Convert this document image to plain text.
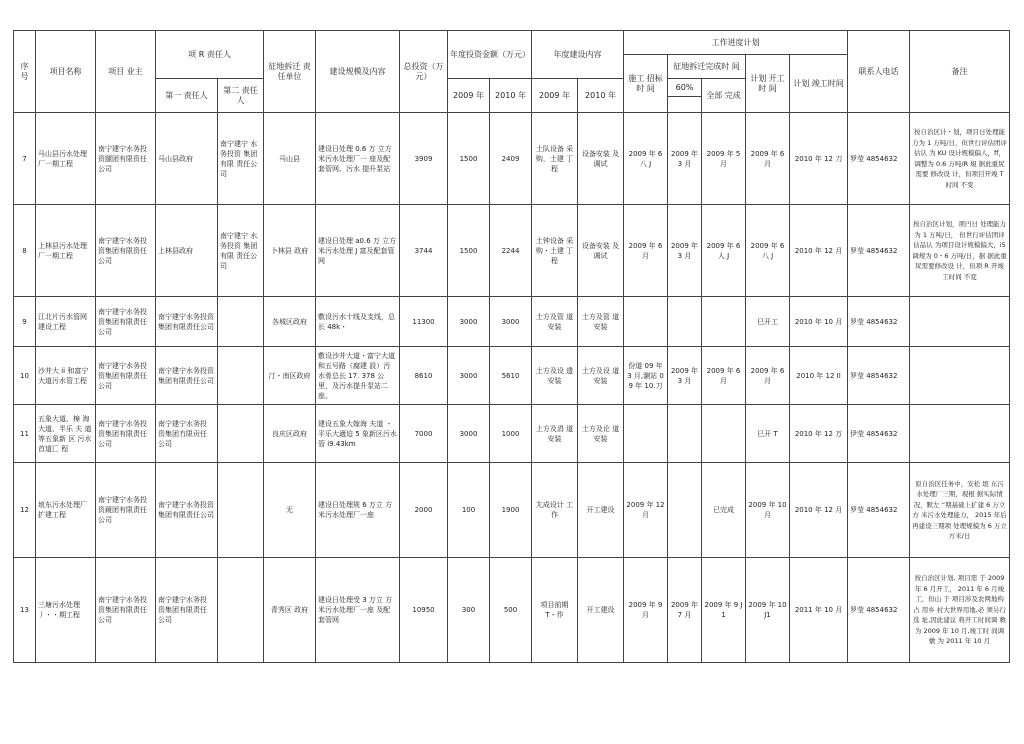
序 号	项目名称	项目 业主	项 R 责任人		征地拆迁 责任单位	建设规模及内容	总投资（万元）	年度投资金额（万元）		年度建设内容		工作进度计划					联系人电话	备注
												施工 招标 时 间	征地拆迁完成时 间		计划 开工 时 间	计划 竣工时间		
			第一 责任人	第二 责任人				2009 年	2010 年	2009 年	2010 年		60%	全部 完成				

7	马山县污水处理厂一期工程	南宁建宁水务投资腿团有限资任公司	马山县政府	南宁建宁 水务投资 集团有限 责任公司	马山县	建设日处理 0.6 万 立方米污水处理厂一 座及配套管网、污水 提升泵站	3909	1500	2409	土队设备 采 购，土建 丁 程	设备安装 及 调试	2009 年 6 八 J	2009 年 3 月	2009 年 5 月	2009 年 6 月	2010 年 12 刀	罗莹 4854632	按自治区计・划，项目日处理能力为 1 万吨/日，但世行评估团评估认 为 KU 设计规模偏人，ff，调整为 0.6 万吨/R 規 据此重尻需要 修改设 计，但项目开竣 T 时间 不变
8	上林县污水处理厂一期工程	南宁建宁水务投资集团有限资任公司	上林县政府	南宁建宁 水务投资 集团有限 责任公司	卜林县 政府	建设日处理 a0.6 万 立方米污水处理 J 富及配套管网	3744	1500	2244	土钟设备 采 购・土建 丁 程	设备安装 及 调试	2009 年 6 月	2009 年 3 月	2009 年 6 人 J	2009 年 6 八 J	2010 年 12 月	罗莹 4854632	按自治区计划，项円日 处理能力为 1 万吨/日， 但世行评估团评估品认 为项目设计规模偏大，i5 调规为 0・6 万吨/日，据 据此重尻需要修改设 计，但项 R 开竣工时间 不変
9	江北片污水管网建设工程	南宁建宁水务投资集团有限责任公司	南宁建宁水务投资集团有限责任公司		各城区政府	敷设污水十线及支线，总长 48k・	11300	3000	3000	土方及管 道 安装	土方及管 道 安装				巳开工	2010 年 10 月	罗莹 4854632	
10	沙井大 ii 和富宁大道污水管工程	南宁建宁水务投资集团有限责任公司	南宁建宁水务投资集团有限责任公司		汀・南区政府	敷设沙井大道・富宁大道和五号路（腐建 設）汚水骨总长 17. 378 公里，及污水提升泵站二座。	8610	3000	5610	土方及设 遗 安装	土方及设 道 安装	份道 09 年 3 月,瀏站 09 年 10.刀	2009 年 3 月	2009 年 6 月	2009 年 6 月	2010 年 12 II	罗莹 4854632	
11	五象大道、樟 淘大道、半乐 夫 道等五象新 区 污水首道匚 程	南宁建宁水务投资集团有限责任公司	南宁建宁水务投 资集团冇限贡任 公司		良庆区政府	建设五象大嫁海 夫道 ・平乐大適迫 5 象新区污水管 i9.43km	7000	3000	1000	上方及涓 道 安装	土方及论 道 安装				巳开 T	2010 年 12 万	伊莹 4854632	
12	埌东污水处理厂扩建工程	南宁建宁水务投资鏡团有限责任公司	南宁建宁水务投资集团有限责任公司		无	建设日处理规 6 万立 方米污水处理厂一座	2000	100	1900	尢成设计 工作	开工建设	2009 年 12 月		已完成	2009 年 10 月	2010 年 12 月	罗莹 4854632	原自治区任务中，安松 埌 东污水处理厂三期，現根 据实际情况，默左 “期基础上扩建 6 万立 方 米污水处理能力， 2015 年后再建设三期项 处理规模为 6 万立 方米/日
13	三塘污水处理 丿・・期工程	南宁建宁水务投资集团有限责任公司	南宁建宁水务投 资集团有限责任 公司		青秀区 政府	建设日处理受 3 万立 方米污水处理厂一座 及配套管网	10950	300	500	项目前期 T・作	开工建设	2009 年 9 月	2009 年 7 月	2009 年 9 J1	2009 年 10 J1	2011 年 10 月	罗莹 4854632	按自治区计划, 项目需 于 2009 年 6 月开工， 2011 年 6 月竣工，但山 于 项目涉及农网地构占 用乡 村大世界用地,必 须另行选 址,因此建议 将开工时间调 敕为 2009 年 10 月,竣工时 间调敷 为 2011 年 10 月
